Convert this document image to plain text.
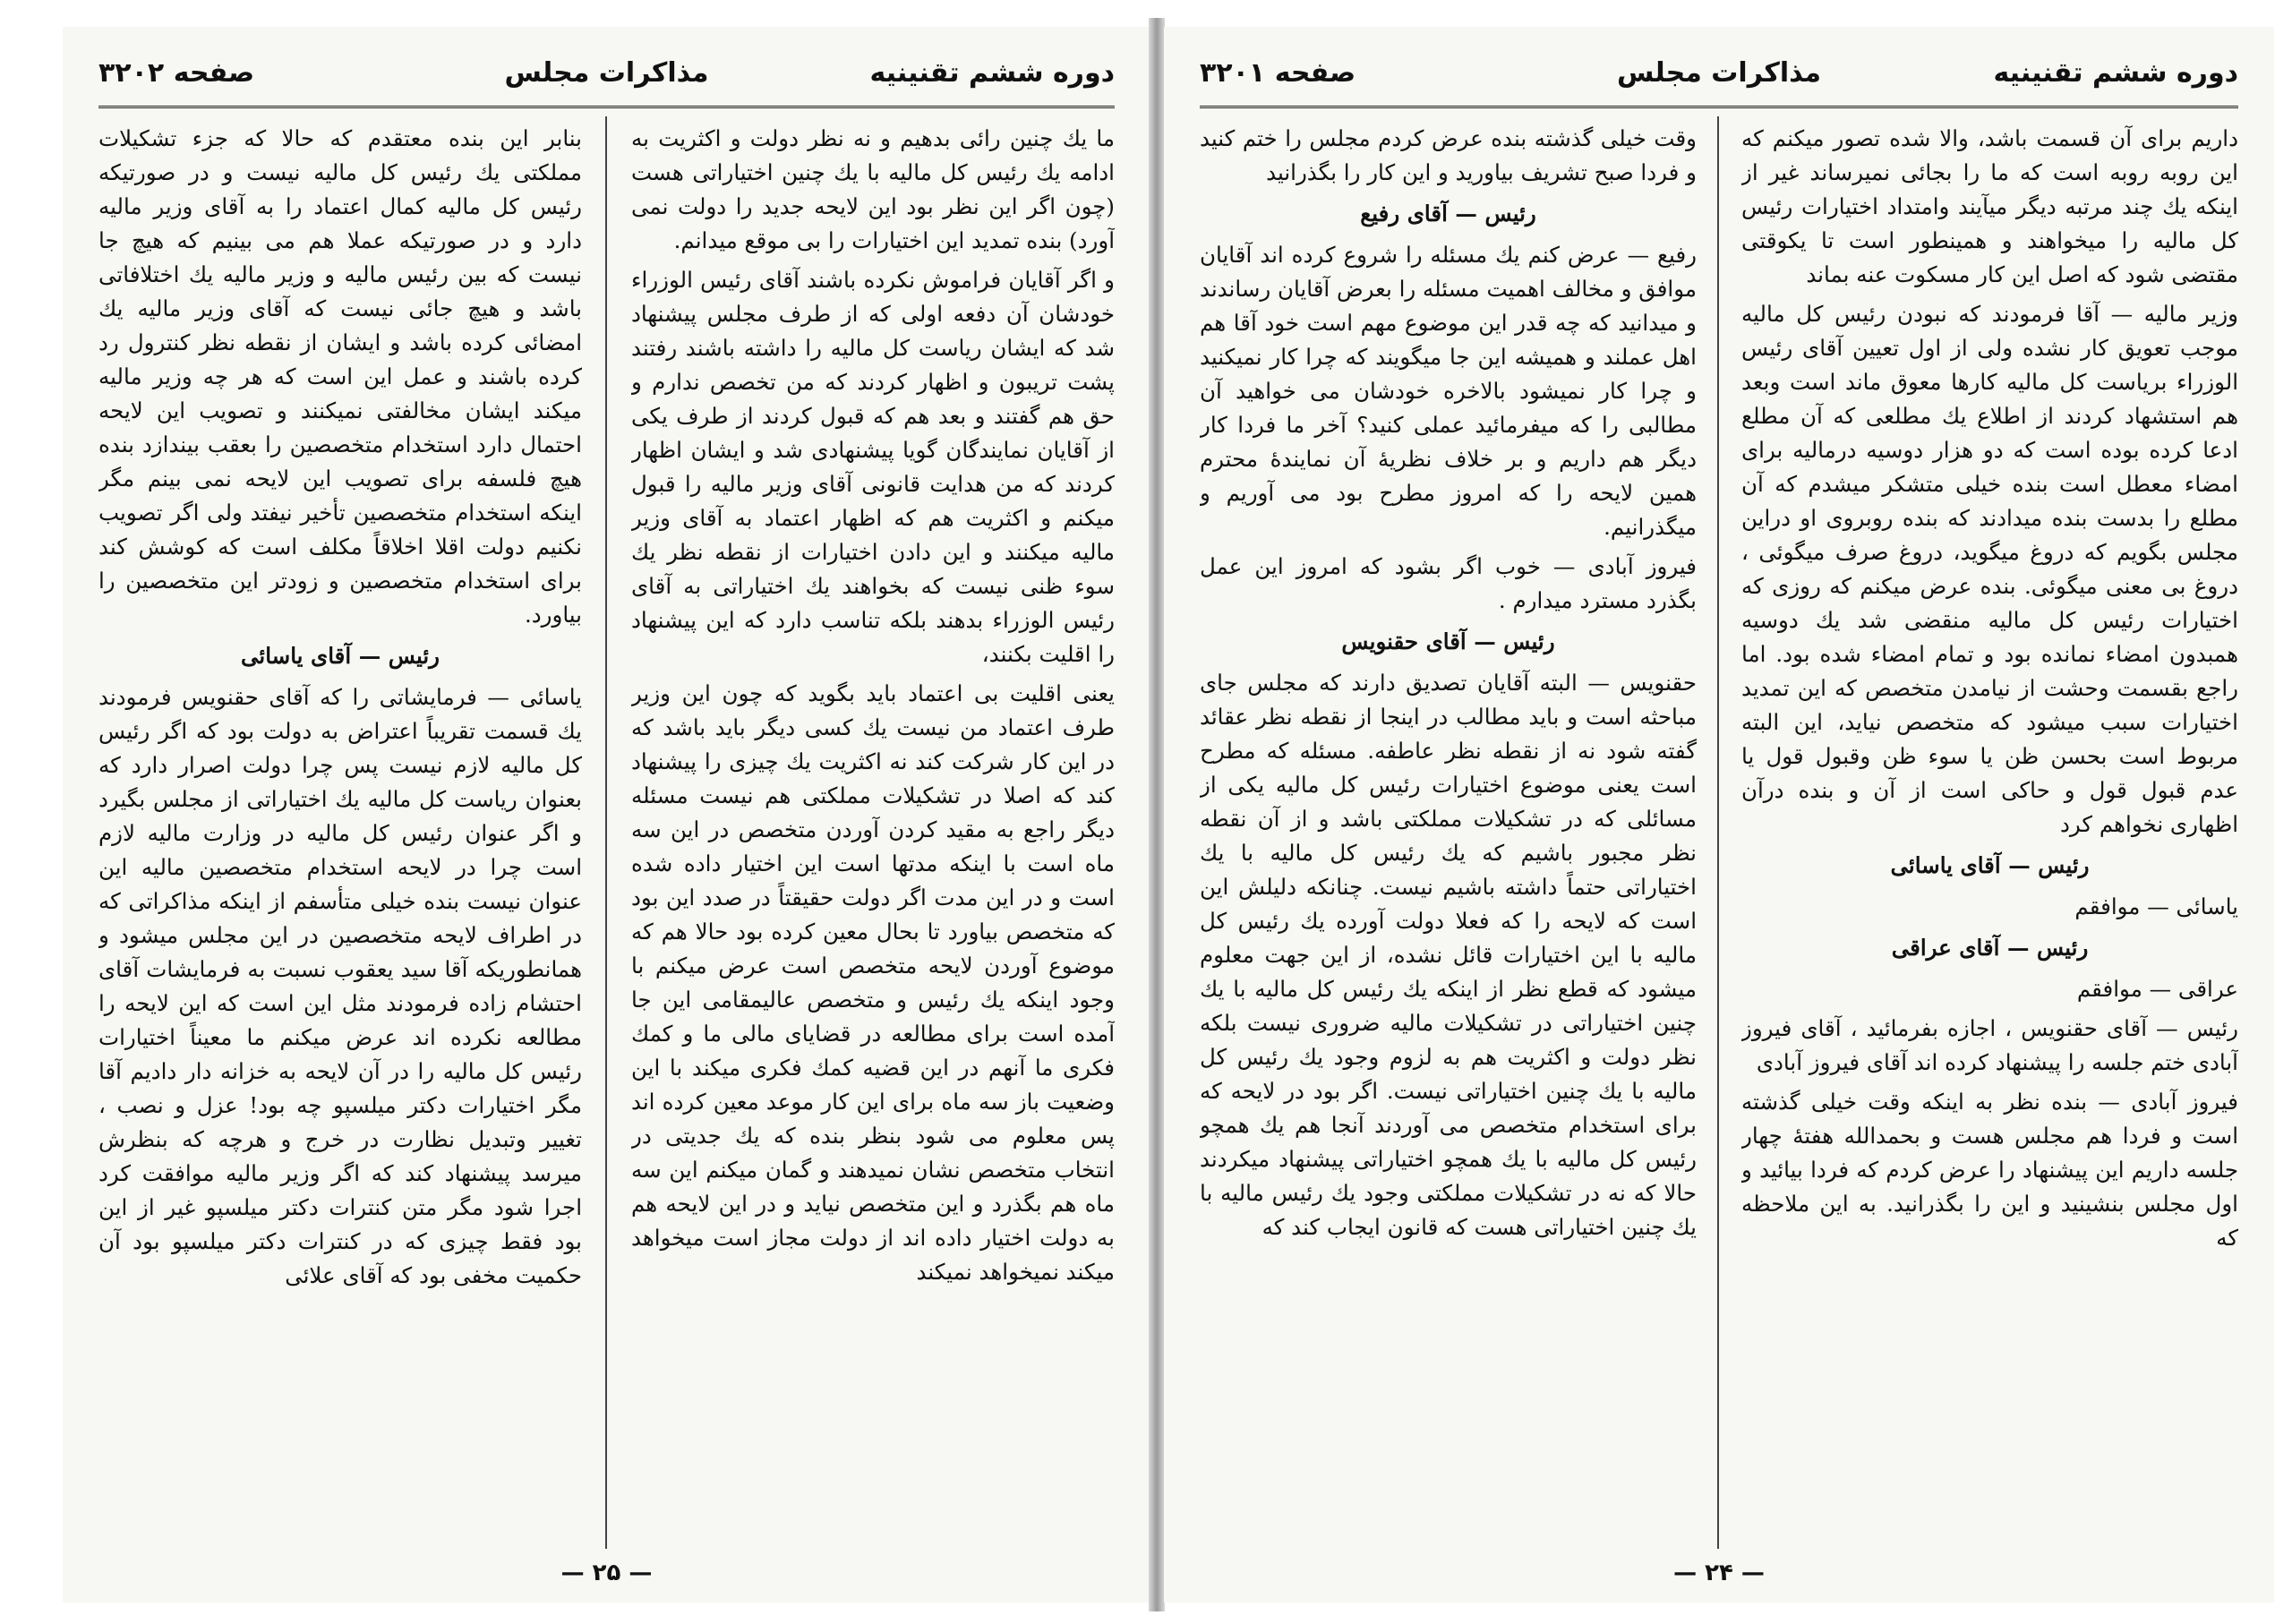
دوره ششم تقنینیه
مذاکرات مجلس
صفحه ۳۲۰۲

ما یك چنین رائی بدهیم و نه نظر دولت و اکثریت به ادامه یك رئیس کل مالیه با یك چنین اختیاراتی هست (چون اگر این نظر بود این لایحه جدید را دولت نمی آورد) بنده تمدید این اختیارات را بی موقع میدانم.

و اگر آقایان فراموش نکرده باشند آقای رئیس الوزراء خودشان آن دفعه اولی که از طرف مجلس پیشنهاد شد که ایشان ریاست کل مالیه را داشته باشند رفتند پشت تریبون و اظهار کردند که من تخصص ندارم و حق هم گفتند و بعد هم که قبول کردند از طرف یکی از آقایان نمایندگان گویا پیشنهادی شد و ایشان اظهار کردند که من هدایت قانونی آقای وزیر مالیه را قبول میکنم و اکثریت هم که اظهار اعتماد به آقای وزیر مالیه میکنند و این دادن اختیارات از نقطه نظر یك سوء ظنی نیست که بخواهند یك اختیاراتی به آقای رئیس الوزراء بدهند بلکه تناسب دارد که این پیشنهاد را اقلیت بکنند،

یعنی اقلیت بی اعتماد باید بگوید که چون این وزیر طرف اعتماد من نیست یك کسی دیگر باید باشد که در این کار شرکت کند نه اکثریت یك چیزی را پیشنهاد کند که اصلا در تشکیلات مملکتی هم نیست مسئله دیگر راجع به مقید کردن آوردن متخصص در این سه ماه است با اینکه مدتها است این اختیار داده شده است و در این مدت اگر دولت حقیقتاً در صدد این بود که متخصص بیاورد تا بحال معین کرده بود حالا هم که موضوع آوردن لایحه متخصص است عرض میکنم با وجود اینکه یك رئیس و متخصص عالیمقامی این جا آمده است برای مطالعه در قضایای مالی ما و کمك فکری ما آنهم در این قضیه کمك فکری میکند با این وضعیت باز سه ماه برای این کار موعد معین کرده اند پس معلوم می شود بنظر بنده که یك جدیتی در انتخاب متخصص نشان نمیدهند و گمان میکنم این سه ماه هم بگذرد و این متخصص نیاید و در این لایحه هم به دولت اختیار داده اند از دولت مجاز است میخواهد میکند نمیخواهد نمیکند

بنابر این بنده معتقدم که حالا که جزء تشکیلات مملکتی یك رئیس کل مالیه نیست و در صورتیکه رئیس کل مالیه کمال اعتماد را به آقای وزیر مالیه دارد و در صورتیکه عملا هم می بینیم که هیچ جا نیست که بین رئیس مالیه و وزیر مالیه یك اختلافاتی باشد و هیچ جائی نیست که آقای وزیر مالیه یك امضائی کرده باشد و ایشان از نقطه نظر کنترول رد کرده باشند و عمل این است که هر چه وزیر مالیه میکند ایشان مخالفتی نمیکنند و تصویب این لایحه احتمال دارد استخدام متخصصین را بعقب بیندازد بنده هیچ فلسفه برای تصویب این لایحه نمی بینم مگر اینکه استخدام متخصصین تأخیر نیفتد ولی اگر تصویب نکنیم دولت اقلا اخلاقاً مکلف است که کوشش کند برای استخدام متخصصین و زودتر این متخصصین را بیاورد.

رئیس — آقای یاسائی

یاسائی — فرمایشاتی را که آقای حقنویس فرمودند یك قسمت تقریباً اعتراض به دولت بود که اگر رئیس کل مالیه لازم نیست پس چرا دولت اصرار دارد که بعنوان ریاست کل مالیه یك اختیاراتی از مجلس بگیرد و اگر عنوان رئیس کل مالیه در وزارت مالیه لازم است چرا در لایحه استخدام متخصصین مالیه این عنوان نیست بنده خیلی متأسفم از اینکه مذاکراتی که در اطراف لایحه متخصصین در این مجلس میشود و همانطوریکه آقا سید یعقوب نسبت به فرمایشات آقای احتشام زاده فرمودند مثل این است که این لایحه را مطالعه نکرده اند عرض میکنم ما معیناً اختیارات رئیس کل مالیه را در آن لایحه به خزانه دار دادیم آقا مگر اختیارات دکتر میلسپو چه بود! عزل و نصب ، تغییر وتبدیل نظارت در خرج و هرچه که بنظرش میرسد پیشنهاد کند که اگر وزیر مالیه موافقت کرد اجرا شود مگر متن کنترات دکتر میلسپو غیر از این بود فقط چیزی که در کنترات دکتر میلسپو بود آن حکمیت مخفی بود که آقای علائی

— ۲۵ —
دوره ششم تقنینیه
مذاکرات مجلس
صفحه ۳۲۰۱

داریم برای آن قسمت باشد، والا شده تصور میکنم که این روبه روبه است که ما را بجائی نمیرساند غیر از اینکه یك چند مرتبه دیگر میآیند وامتداد اختیارات رئیس کل مالیه را میخواهند و همینطور است تا یکوقتی مقتضی شود که اصل این کار مسکوت عنه بماند

وزیر مالیه — آقا فرمودند که نبودن رئیس کل مالیه موجب تعویق کار نشده ولی از اول تعیین آقای رئیس الوزراء بریاست کل مالیه کارها معوق ماند است وبعد هم استشهاد کردند از اطلاع یك مطلعی که آن مطلع ادعا کرده بوده است که دو هزار دوسیه درمالیه برای امضاء معطل است بنده خیلی متشکر میشدم که آن مطلع را بدست بنده میدادند که بنده روبروی او دراین مجلس بگویم که دروغ میگوید، دروغ صرف میگوئی ، دروغ بی معنی میگوئی. بنده عرض میکنم که روزی که اختیارات رئیس کل مالیه منقضی شد یك دوسیه همبدون امضاء نمانده بود و تمام امضاء شده بود. اما راجع بقسمت وحشت از نیامدن متخصص که این تمدید اختیارات سبب میشود که متخصص نیاید، این البته مربوط است بحسن ظن یا سوء ظن وقبول قول یا عدم قبول قول و حاکی است از آن و بنده درآن اظهاری نخواهم کرد

رئیس — آقای یاسائی

یاسائی — موافقم

رئیس — آقای عراقی

عراقی — موافقم

رئیس — آقای حقنویس ، اجازه بفرمائید ، آقای فیروز آبادی ختم جلسه را پیشنهاد کرده اند آقای فیروز آبادی

فیروز آبادی — بنده نظر به اینکه وقت خیلی گذشته است و فردا هم مجلس هست و بحمدالله هفتهٔ چهار جلسه داریم این پیشنهاد را عرض کردم که فردا بیائید و اول مجلس بنشینید و این را بگذرانید. به این ملاحظه که

وقت خیلی گذشته بنده عرض کردم مجلس را ختم کنید و فردا صبح تشریف بیاورید و این کار را بگذرانید

رئیس — آقای رفیع

رفیع — عرض کنم یك مسئله را شروع کرده اند آقایان موافق و مخالف اهمیت مسئله را بعرض آقایان رساندند و میدانید که چه قدر این موضوع مهم است خود آقا هم اهل عملند و همیشه این جا میگویند که چرا کار نمیکنید و چرا کار نمیشود بالاخره خودشان می خواهید آن مطالبی را که میفرمائید عملی کنید؟ آخر ما فردا کار دیگر هم داریم و بر خلاف نظریهٔ آن نمایندهٔ محترم همین لایحه را که امروز مطرح بود می آوریم و میگذرانیم.

فیروز آبادی — خوب اگر بشود که امروز این عمل بگذرد مسترد میدارم .

رئیس — آقای حقنویس

حقنویس — البته آقایان تصدیق دارند که مجلس جای مباحثه است و باید مطالب در اینجا از نقطه نظر عقائد گفته شود نه از نقطه نظر عاطفه. مسئله که مطرح است یعنی موضوع اختیارات رئیس کل مالیه یکی از مسائلی که در تشکیلات مملکتی باشد و از آن نقطه نظر مجبور باشیم که یك رئیس کل مالیه با یك اختیاراتی حتماً داشته باشیم نیست. چنانکه دلیلش این است که لایحه را که فعلا دولت آورده یك رئیس کل مالیه با این اختیارات قائل نشده، از این جهت معلوم میشود که قطع نظر از اینکه یك رئیس کل مالیه با یك چنین اختیاراتی در تشکیلات مالیه ضروری نیست بلکه نظر دولت و اکثریت هم به لزوم وجود یك رئیس کل مالیه با یك چنین اختیاراتی نیست. اگر بود در لایحه که برای استخدام متخصص می آوردند آنجا هم یك همچو رئیس کل مالیه با یك همچو اختیاراتی پیشنهاد میکردند حالا که نه در تشکیلات مملکتی وجود یك رئیس مالیه با یك چنین اختیاراتی هست که قانون ایجاب کند که

— ۲۴ —
